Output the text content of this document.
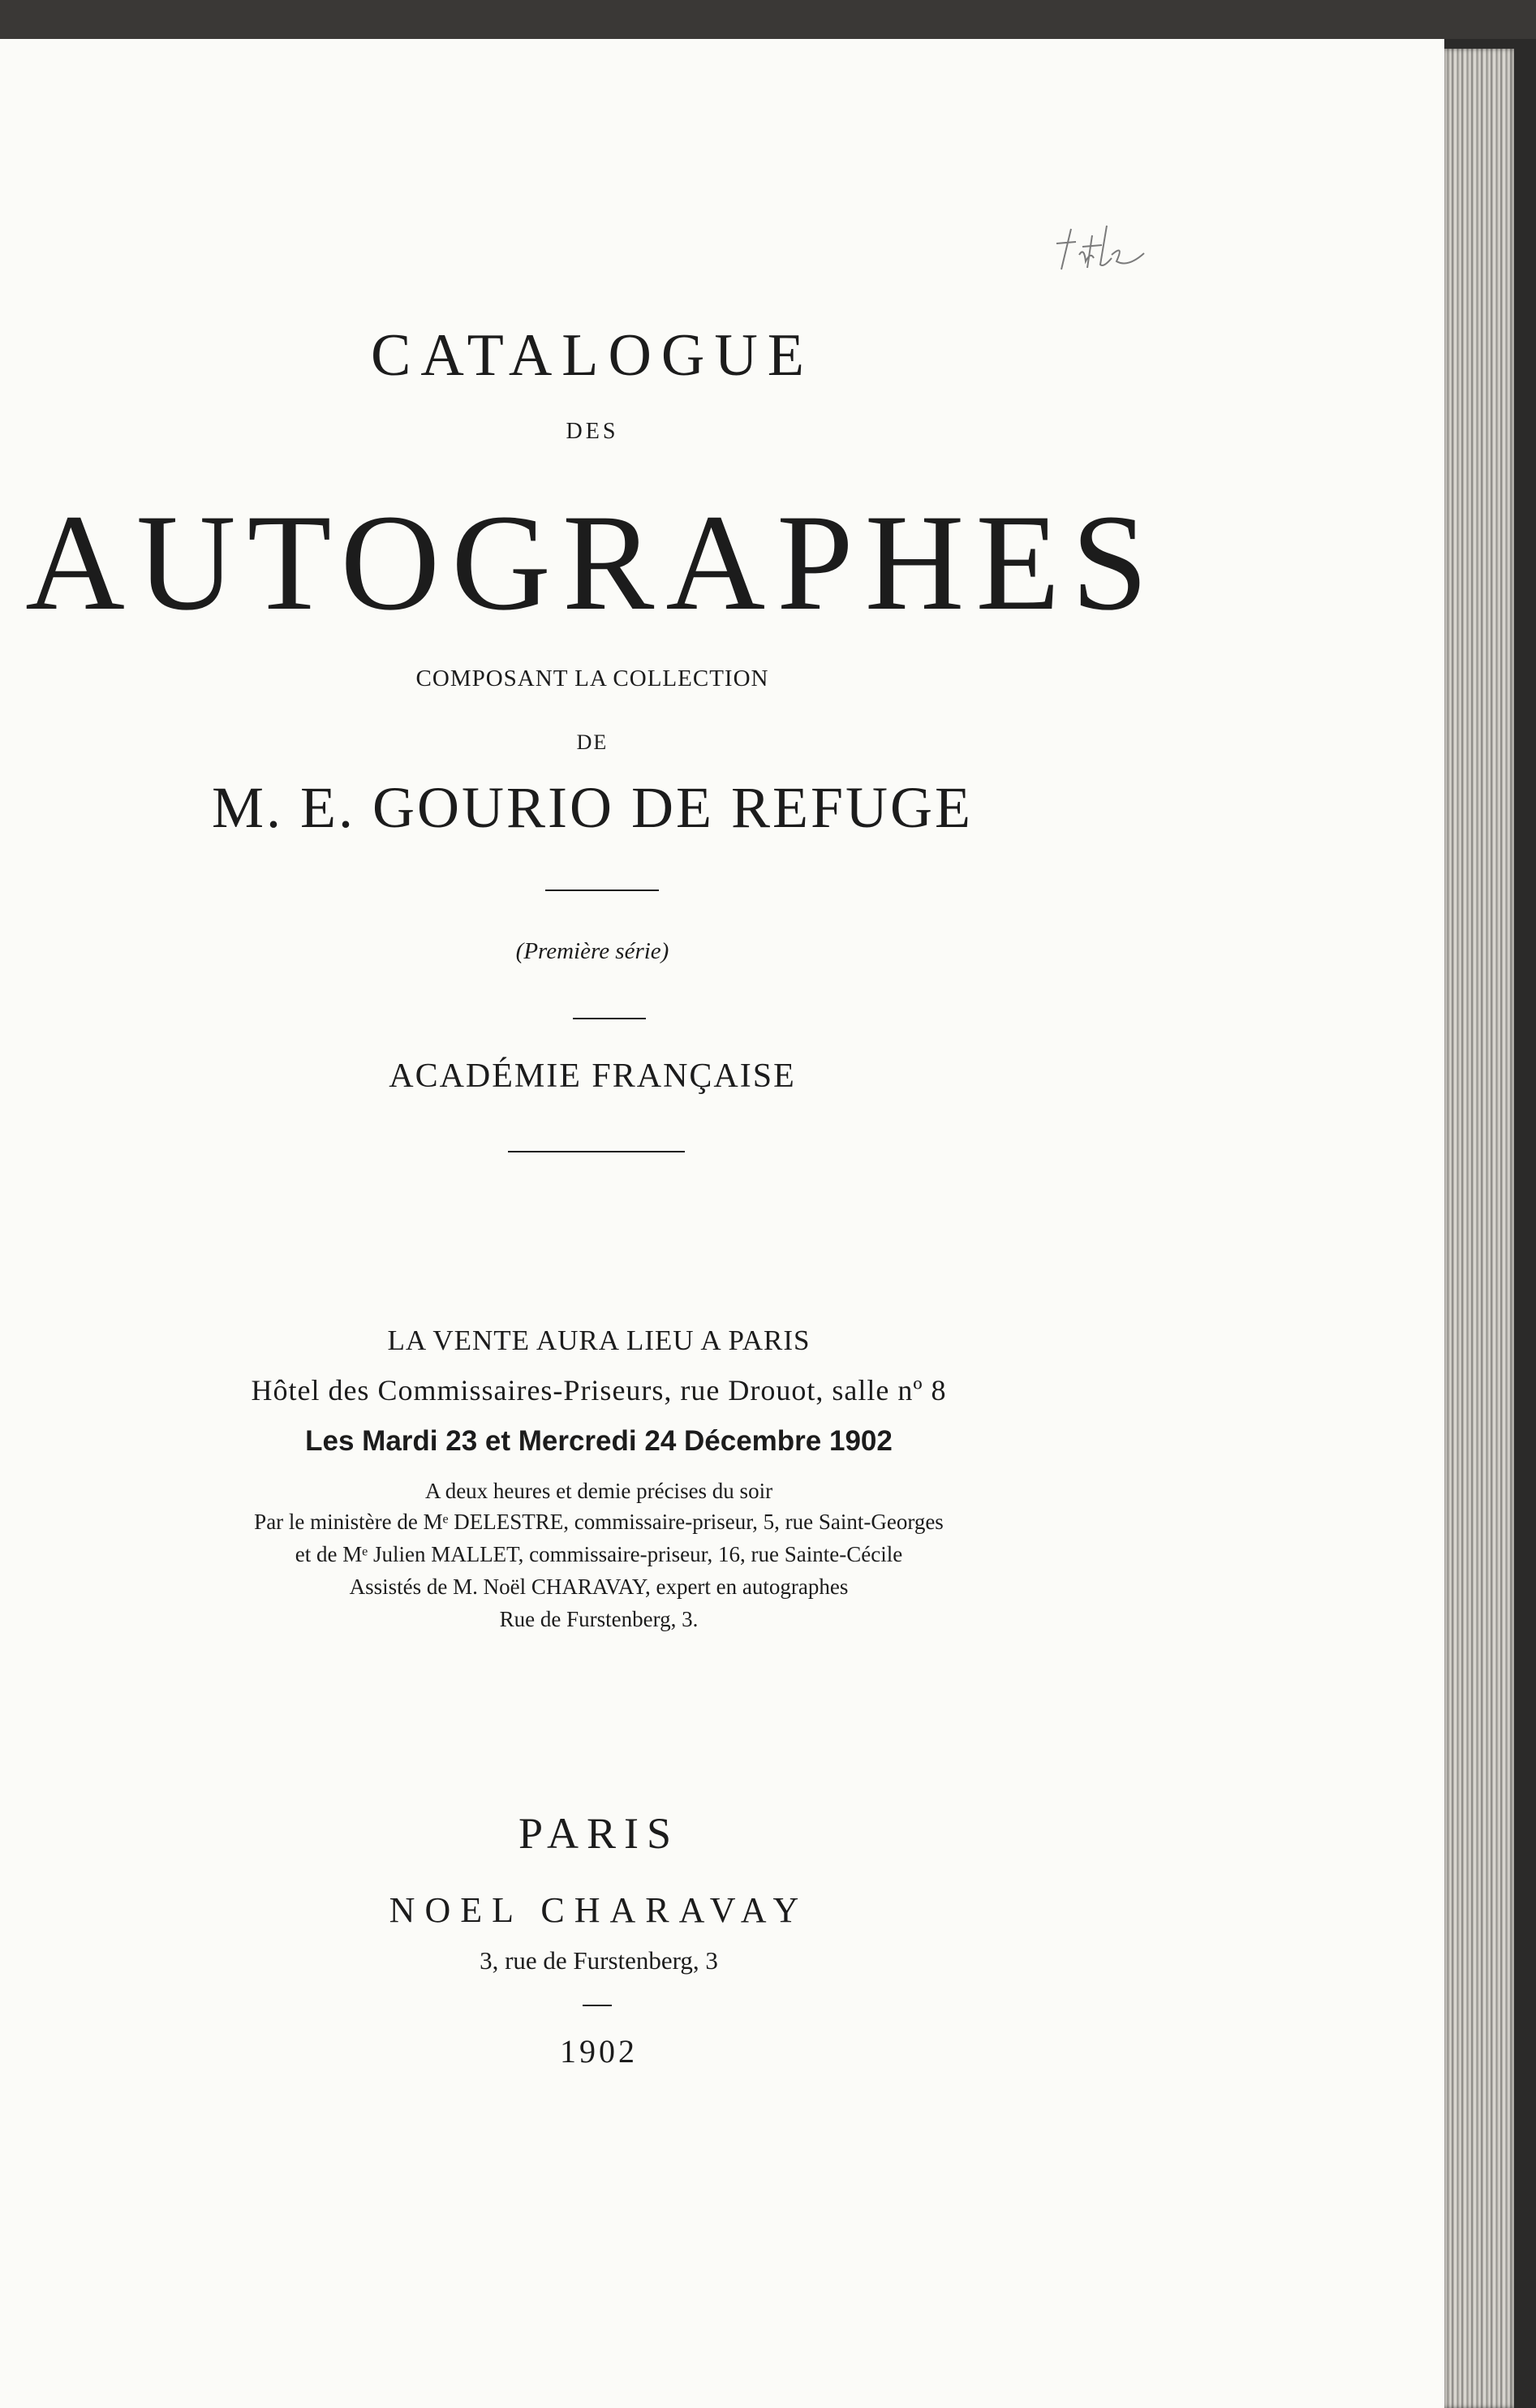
CATALOGUE
DES
AUTOGRAPHES
COMPOSANT LA COLLECTION
DE
M. E. GOURIO DE REFUGE
(Première série)
ACADÉMIE FRANÇAISE
LA VENTE AURA LIEU A PARIS
Hôtel des Commissaires-Priseurs, rue Drouot, salle nº 8
Les Mardi 23 et Mercredi 24 Décembre 1902
A deux heures et demie précises du soir
Par le ministère de Mᵉ DELESTRE, commissaire-priseur, 5, rue Saint-Georges
et de Mᵉ Julien MALLET, commissaire-priseur, 16, rue Sainte-Cécile
Assistés de M. Noël CHARAVAY, expert en autographes
Rue de Furstenberg, 3.
PARIS
NOEL CHARAVAY
3, rue de Furstenberg, 3
1902
